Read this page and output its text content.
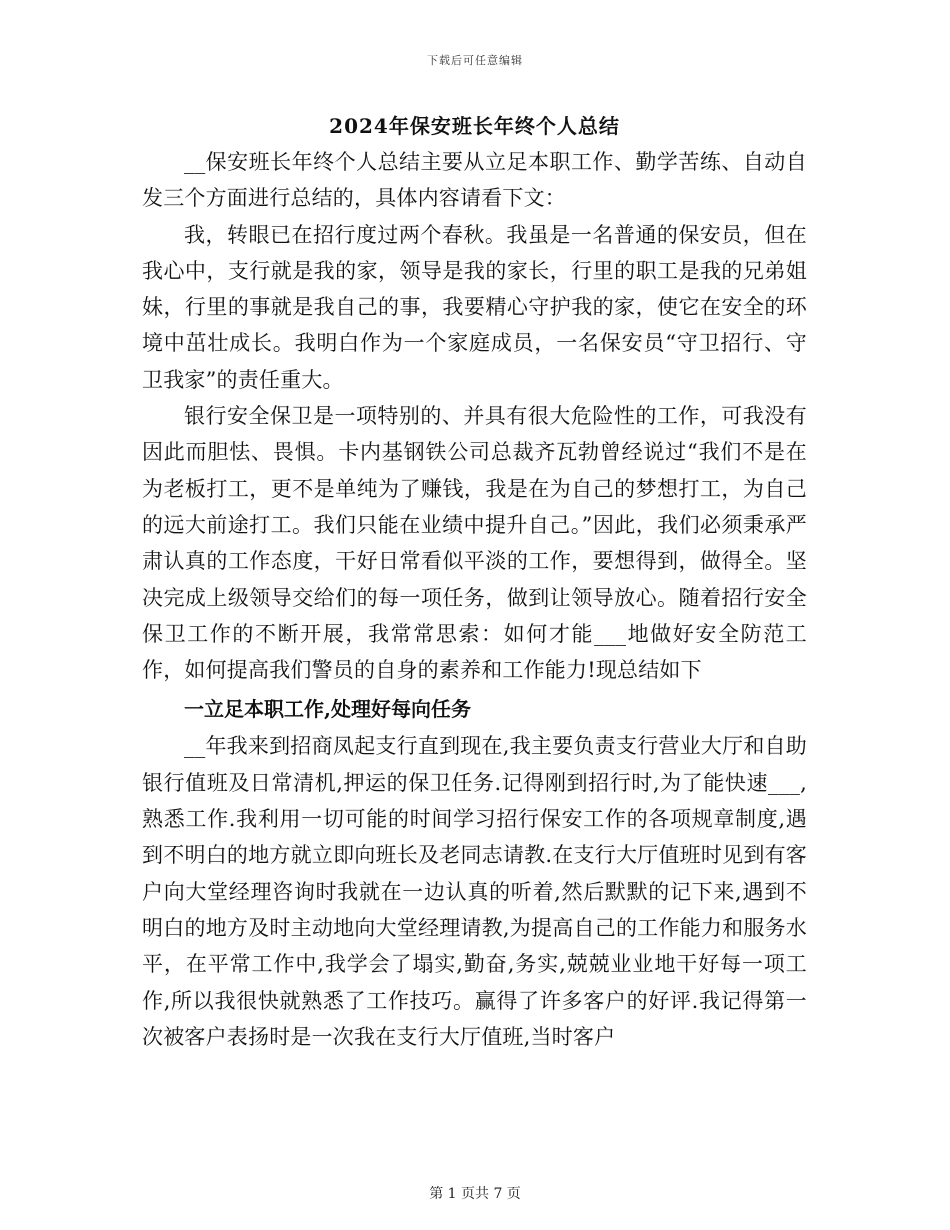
下载后可任意编辑
2024年保安班长年终个人总结

__保安班长年终个人总结主要从立足本职工作、勤学苦练、自动自发三个方面进行总结的，具体内容请看下文：

我，转眼已在招行度过两个春秋。我虽是一名普通的保安员，但在我心中，支行就是我的家，领导是我的家长，行里的职工是我的兄弟姐妹，行里的事就是我自己的事，我要精心守护我的家，使它在安全的环境中茁壮成长。我明白作为一个家庭成员，一名保安员“守卫招行、守卫我家”的责任重大。

银行安全保卫是一项特别的、并具有很大危险性的工作，可我没有因此而胆怯、畏惧。卡内基钢铁公司总裁齐瓦勃曾经说过“我们不是在为老板打工，更不是单纯为了赚钱，我是在为自己的梦想打工，为自己的远大前途打工。我们只能在业绩中提升自己。”因此，我们必须秉承严肃认真的工作态度，干好日常看似平淡的工作，要想得到，做得全。坚决完成上级领导交给们的每一项任务，做到让领导放心。随着招行安全保卫工作的不断开展，我常常思索：如何才能___地做好安全防范工作，如何提高我们警员的自身的素养和工作能力!现总结如下

一立足本职工作,处理好每向任务

__年我来到招商凤起支行直到现在,我主要负责支行营业大厅和自助银行值班及日常清机,押运的保卫任务.记得刚到招行时,为了能快速___,熟悉工作.我利用一切可能的时间学习招行保安工作的各项规章制度,遇到不明白的地方就立即向班长及老同志请教.在支行大厅值班时见到有客户向大堂经理咨询时我就在一边认真的听着,然后默默的记下来,遇到不明白的地方及时主动地向大堂经理请教,为提高自己的工作能力和服务水平，在平常工作中,我学会了塌实,勤奋,务实,兢兢业业地干好每一项工作,所以我很快就熟悉了工作技巧。赢得了许多客户的好评.我记得第一次被客户表扬时是一次我在支行大厅值班,当时客户

第 1 页共 7 页
